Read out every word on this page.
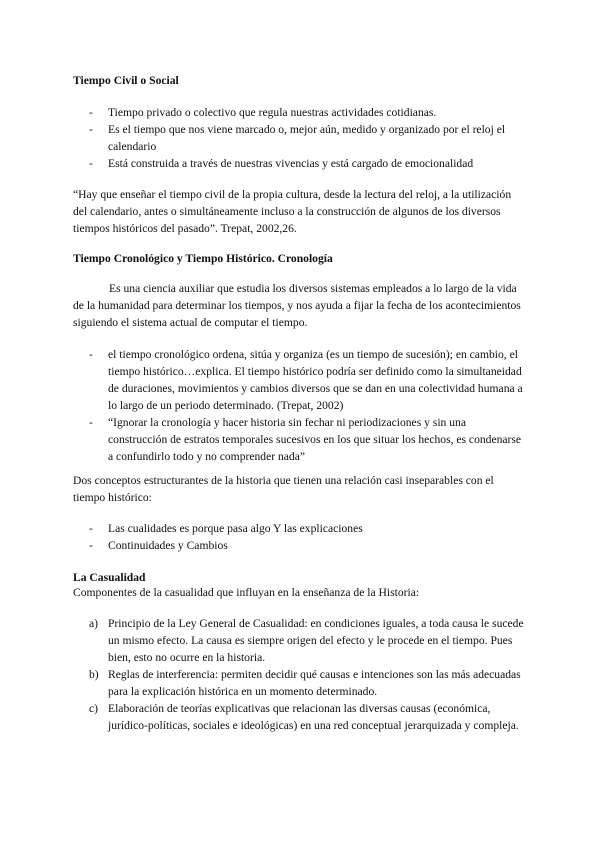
Tiempo Civil o Social

- Tiempo privado o colectivo que regula nuestras actividades cotidianas.
- Es el tiempo que nos viene marcado o, mejor aún, medido y organizado por el reloj el calendario
- Está construida a través de nuestras vivencias y está cargado de emocionalidad

“Hay que enseñar el tiempo civil de la propia cultura, desde la lectura del reloj, a la utilización del calendario, antes o simultáneamente incluso a la construcción de algunos de los diversos tiempos históricos del pasado”. Trepat, 2002,26.

Tiempo Cronológico y Tiempo Histórico. Cronología

Es una ciencia auxiliar que estudia los diversos sistemas empleados a lo largo de la vida de la humanidad para determinar los tiempos, y nos ayuda a fijar la fecha de los acontecimientos siguiendo el sistema actual de computar el tiempo.

- el tiempo cronológico ordena, sitúa y organiza (es un tiempo de sucesión); en cambio, el tiempo histórico…explica. El tiempo histórico podría ser definido como la simultaneidad de duraciones, movimientos y cambios diversos que se dan en una colectividad humana a lo largo de un periodo determinado. (Trepat, 2002)
- “Ignorar la cronología y hacer historia sin fechar ni periodizaciones y sin una construcción de estratos temporales sucesivos en los que situar los hechos, es condenarse a confundirlo todo y no comprender nada”

Dos conceptos estructurantes de la historia que tienen una relación casi inseparables con el tiempo histórico:

- Las cualidades es porque pasa algo Y las explicaciones
- Continuidades y Cambios

La Casualidad

Componentes de la casualidad que influyan en la enseñanza de la Historia:

a) Principio de la Ley General de Casualidad: en condiciones iguales, a toda causa le sucede un mismo efecto. La causa es siempre origen del efecto y le procede en el tiempo. Pues bien, esto no ocurre en la historia.
b) Reglas de interferencia: permiten decidir qué causas e intenciones son las más adecuadas para la explicación histórica en un momento determinado.
c) Elaboración de teorías explicativas que relacionan las diversas causas (económica, jurídico-políticas, sociales e ideológicas) en una red conceptual jerarquizada y compleja.
